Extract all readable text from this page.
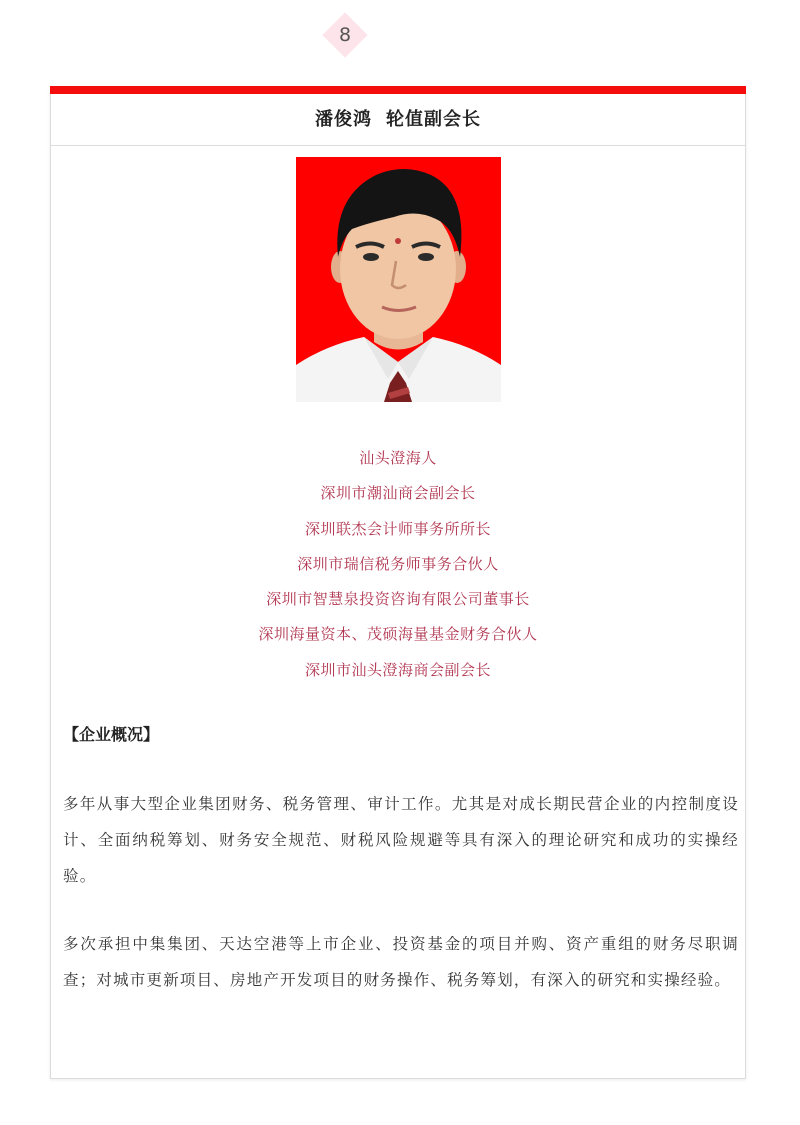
8
潘俊鸿 轮值副会长
汕头澄海人
深圳市潮汕商会副会长
深圳联杰会计师事务所所长
深圳市瑞信税务师事务合伙人
深圳市智慧泉投资咨询有限公司董事长
深圳海量资本、茂硕海量基金财务合伙人
深圳市汕头澄海商会副会长
【企业概况】

多年从事大型企业集团财务、税务管理、审计工作。尤其是对成长期民营企业的内控制度设计、全面纳税筹划、财务安全规范、财税风险规避等具有深入的理论研究和成功的实操经验。

多次承担中集集团、天达空港等上市企业、投资基金的项目并购、资产重组的财务尽职调查；对城市更新项目、房地产开发项目的财务操作、税务筹划，有深入的研究和实操经验。
